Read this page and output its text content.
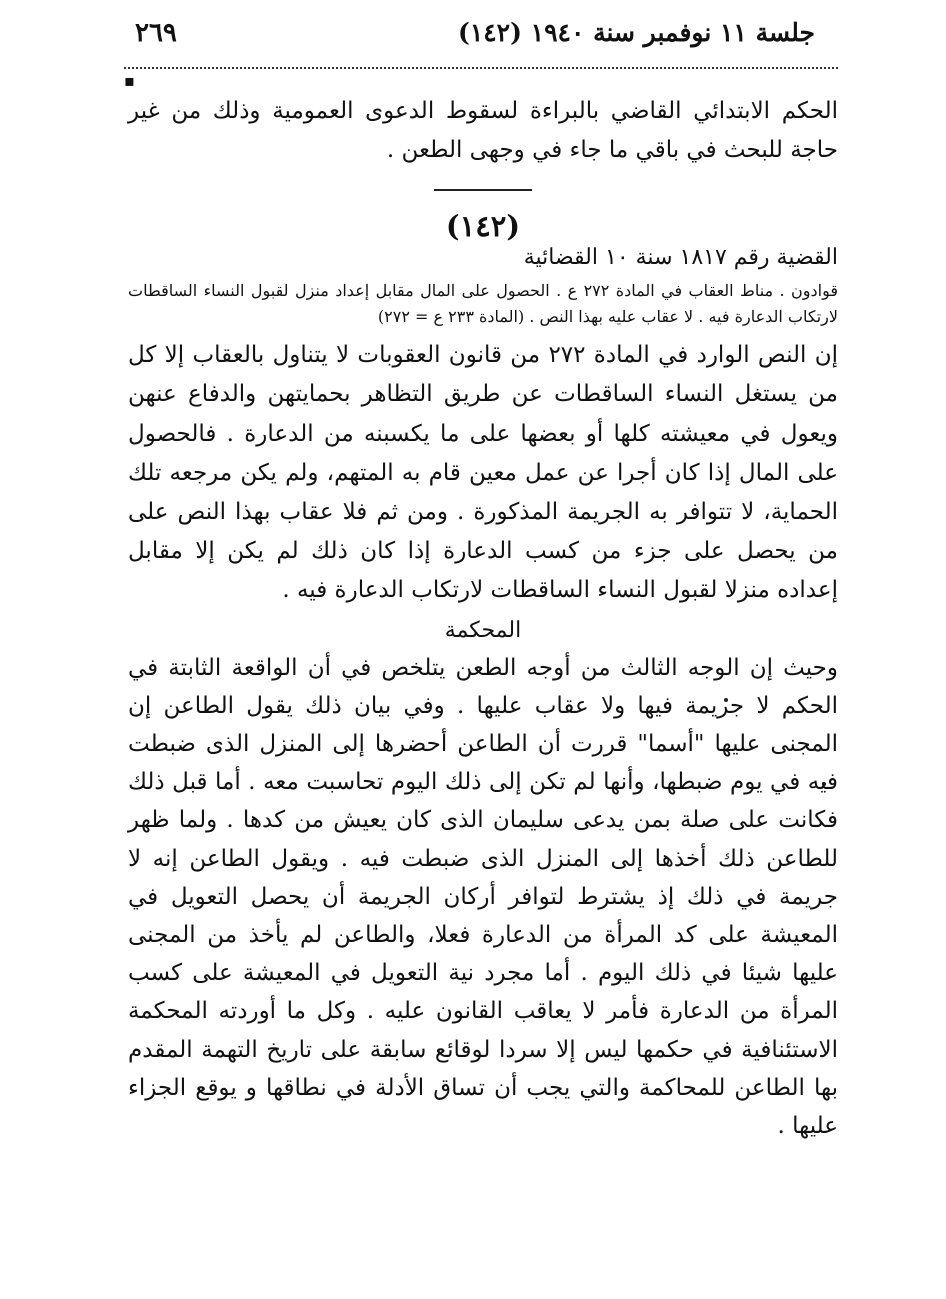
جلسة ١١ نوفمبر سنة ١٩٤٠ (١٤٢)
٢٦٩
▪

الحكم الابتدائي القاضي بالبراءة لسقوط الدعوى العمومية وذلك من غير حاجة للبحث في باقي ما جاء في وجهى الطعن .

(١٤٢)
القضية رقم ١٨١٧ سنة ١٠ القضائية

قوادون . مناط العقاب في المادة ٢٧٢ ع . الحصول على المال مقابل إعداد منزل لقبول النساء الساقطات لارتكاب الدعارة فيه . لا عقاب عليه بهذا النص . (المادة ٢٣٣ ع = ٢٧٢)

إن النص الوارد في المادة ٢٧٢ من قانون العقوبات لا يتناول بالعقاب إلا كل من يستغل النساء الساقطات عن طريق التظاهر بحمايتهن والدفاع عنهن ويعول في معيشته كلها أو بعضها على ما يكسبنه من الدعارة . فالحصول على المال إذا كان أجرا عن عمل معين قام به المتهم، ولم يكن مرجعه تلك الحماية، لا تتوافر به الجريمة المذكورة . ومن ثم فلا عقاب بهذا النص على من يحصل على جزء من كسب الدعارة إذا كان ذلك لم يكن إلا مقابل إعداده منزلا لقبول النساء الساقطات لارتكاب الدعارة فيه .

المحكمة

وحيث إن الوجه الثالث من أوجه الطعن يتلخص في أن الواقعة الثابتة في الحكم لا جريمة فيها ولا عقاب عليها . وفي بيان ذلك يقول الطاعن إن المجنى عليها "أسما" قررت أن الطاعن أحضرها إلى المنزل الذى ضبطت فيه في يوم ضبطها، وأنها لم تكن إلى ذلك اليوم تحاسبت معه . أما قبل ذلك فكانت على صلة بمن يدعى سليمان الذى كان يعيش من كدها . ولما ظهر للطاعن ذلك أخذها إلى المنزل الذى ضبطت فيه . ويقول الطاعن إنه لا جريمة في ذلك إذ يشترط لتوافر أركان الجريمة أن يحصل التعويل في المعيشة على كد المرأة من الدعارة فعلا، والطاعن لم يأخذ من المجنى عليها شيئا في ذلك اليوم . أما مجرد نية التعويل في المعيشة على كسب المرأة من الدعارة فأمر لا يعاقب القانون عليه . وكل ما أوردته المحكمة الاستئنافية في حكمها ليس إلا سردا لوقائع سابقة على تاريخ التهمة المقدم بها الطاعن للمحاكمة والتي يجب أن تساق الأدلة في نطاقها و يوقع الجزاء عليها .
